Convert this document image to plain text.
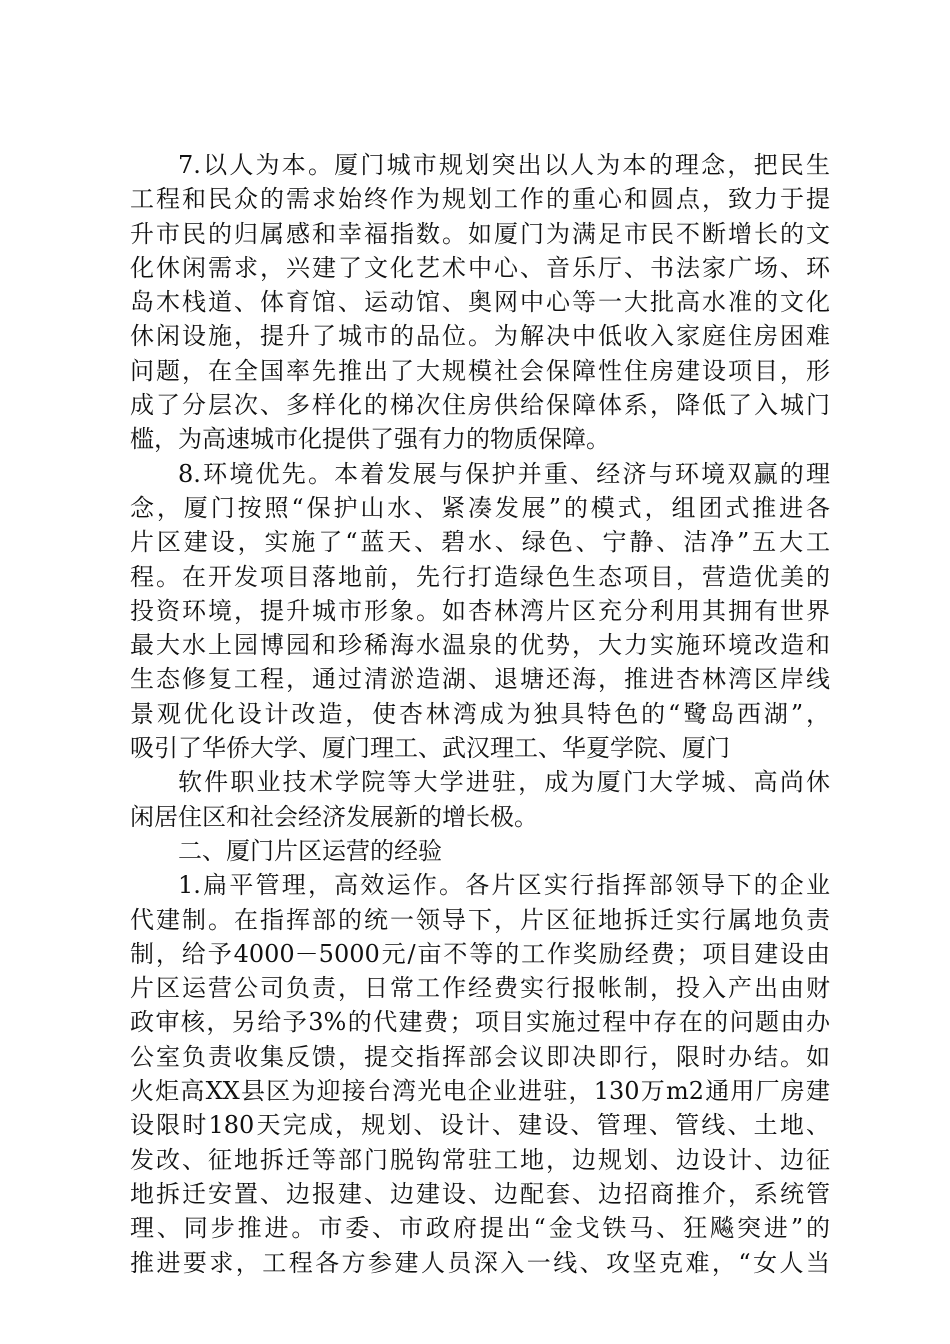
7.以人为本。厦门城市规划突出以人为本的理念，把民生
工程和民众的需求始终作为规划工作的重心和圆点，致力于提
升市民的归属感和幸福指数。如厦门为满足市民不断增长的文
化休闲需求，兴建了文化艺术中心、音乐厅、书法家广场、环
岛木栈道、体育馆、运动馆、奥网中心等一大批高水准的文化
休闲设施，提升了城市的品位。为解决中低收入家庭住房困难
问题，在全国率先推出了大规模社会保障性住房建设项目，形
成了分层次、多样化的梯次住房供给保障体系，降低了入城门
槛，为高速城市化提供了强有力的物质保障。
8.环境优先。本着发展与保护并重、经济与环境双赢的理
念，厦门按照“保护山水、紧凑发展”的模式，组团式推进各
片区建设，实施了“蓝天、碧水、绿色、宁静、洁净”五大工
程。在开发项目落地前，先行打造绿色生态项目，营造优美的
投资环境，提升城市形象。如杏林湾片区充分利用其拥有世界
最大水上园博园和珍稀海水温泉的优势，大力实施环境改造和
生态修复工程，通过清淤造湖、退塘还海，推进杏林湾区岸线
景观优化设计改造，使杏林湾成为独具特色的“鹭岛西湖”，
吸引了华侨大学、厦门理工、武汉理工、华夏学院、厦门
软件职业技术学院等大学进驻，成为厦门大学城、高尚休
闲居住区和社会经济发展新的增长极。
二、厦门片区运营的经验
1.扁平管理，高效运作。各片区实行指挥部领导下的企业
代建制。在指挥部的统一领导下，片区征地拆迁实行属地负责
制，给予4000－5000元/亩不等的工作奖励经费；项目建设由
片区运营公司负责，日常工作经费实行报帐制，投入产出由财
政审核，另给予3%的代建费；项目实施过程中存在的问题由办
公室负责收集反馈，提交指挥部会议即决即行，限时办结。如
火炬高XX县区为迎接台湾光电企业进驻，130万m2通用厂房建
设限时180天完成，规划、设计、建设、管理、管线、土地、
发改、征地拆迁等部门脱钩常驻工地，边规划、边设计、边征
地拆迁安置、边报建、边建设、边配套、边招商推介，系统管
理、同步推进。市委、市政府提出“金戈铁马、狂飚突进”的
推进要求，工程各方参建人员深入一线、攻坚克难，“女人当
